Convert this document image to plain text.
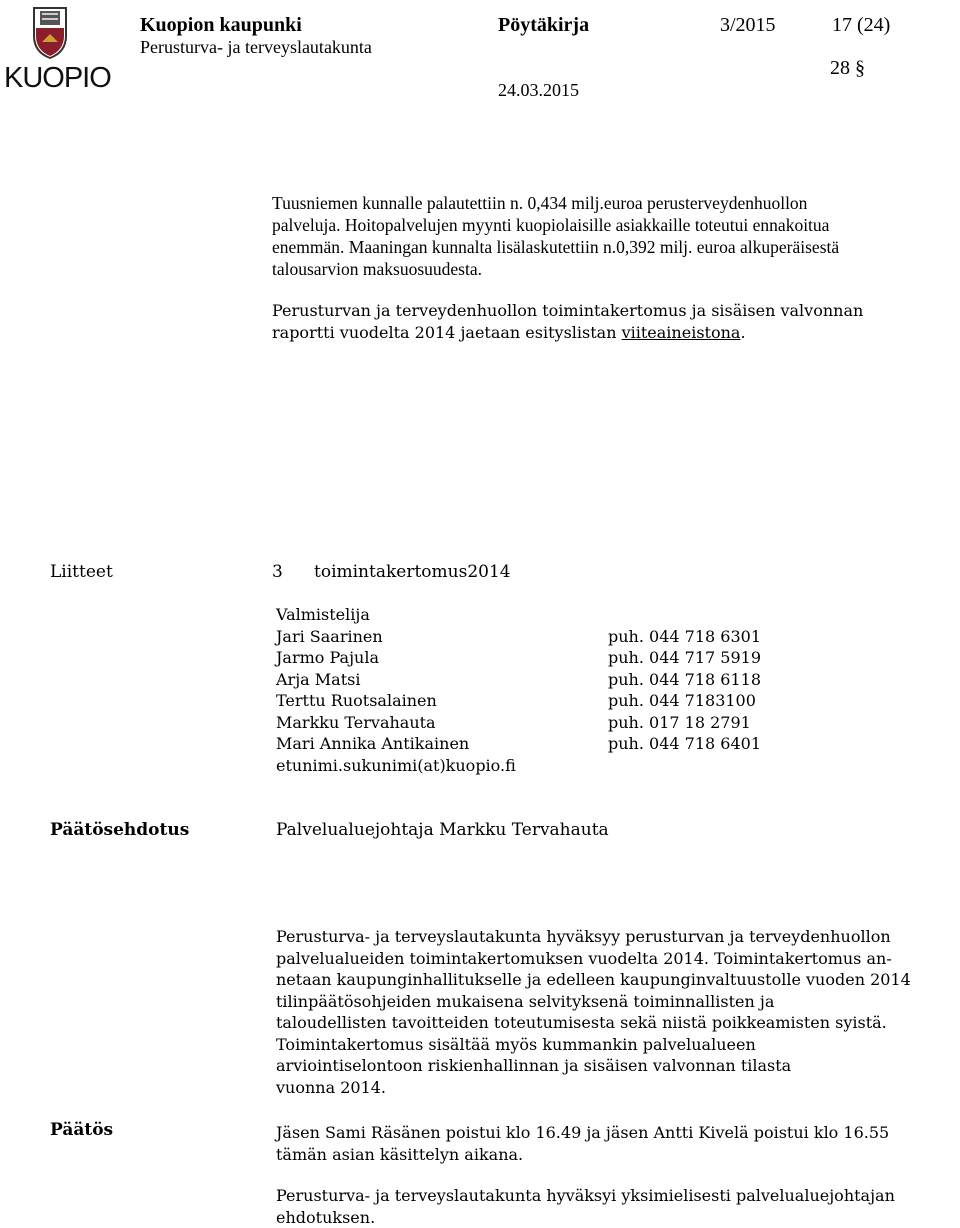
KUOPIO
Kuopion kaupunki
Perusturva- ja terveyslautakunta
Pöytäkirja	3/2015	17 (24)
28 §
24.03.2015
Tuusniemen kunnalle palautettiin n. 0,434 milj.euroa perusterveydenhuollon
palveluja. Hoitopalvelujen myynti kuopiolaisille asiakkaille toteutui ennakoitua
enemmän. Maaningan kunnalta lisälaskutettiin n.0,392 milj. euroa alkuperäisestä
talousarvion maksuosuudesta.
Perusturvan ja terveydenhuollon toimintakertomus ja sisäisen valvonnan
raportti vuodelta 2014 jaetaan esityslistan viiteaineistona.
Liitteet	3 toimintakertomus2014
Valmistelija
Jari Saarinen	puh. 044 718 6301
Jarmo Pajula	puh. 044 717 5919
Arja Matsi	puh. 044 718 6118
Terttu Ruotsalainen	puh. 044 7183100
Markku Tervahauta	puh. 017 18 2791
Mari Annika Antikainen	puh. 044 718 6401
etunimi.sukunimi(at)kuopio.fi
Päätösehdotus	Palvelualuejohtaja Markku Tervahauta
Perusturva- ja terveyslautakunta hyväksyy perusturvan ja terveydenhuollon
palvelualueiden toimintakertomuksen vuodelta 2014. Toimintakertomus an-
netaan kaupunginhallitukselle ja edelleen kaupunginvaltuustolle vuoden 2014
tilinpäätösohjeiden mukaisena selvityksenä toiminnallisten ja
taloudellisten tavoitteiden toteutumisesta sekä niistä poikkeamisten syistä.
Toimintakertomus sisältää myös kummankin palvelualueen
arviointiselontoon riskienhallinnan ja sisäisen valvonnan tilasta
vuonna 2014.
Päätös	Jäsen Sami Räsänen poistui klo 16.49 ja jäsen Antti Kivelä poistui klo 16.55
tämän asian käsittelyn aikana.
Perusturva- ja terveyslautakunta hyväksyi yksimielisesti palvelualuejohtajan
ehdotuksen.
